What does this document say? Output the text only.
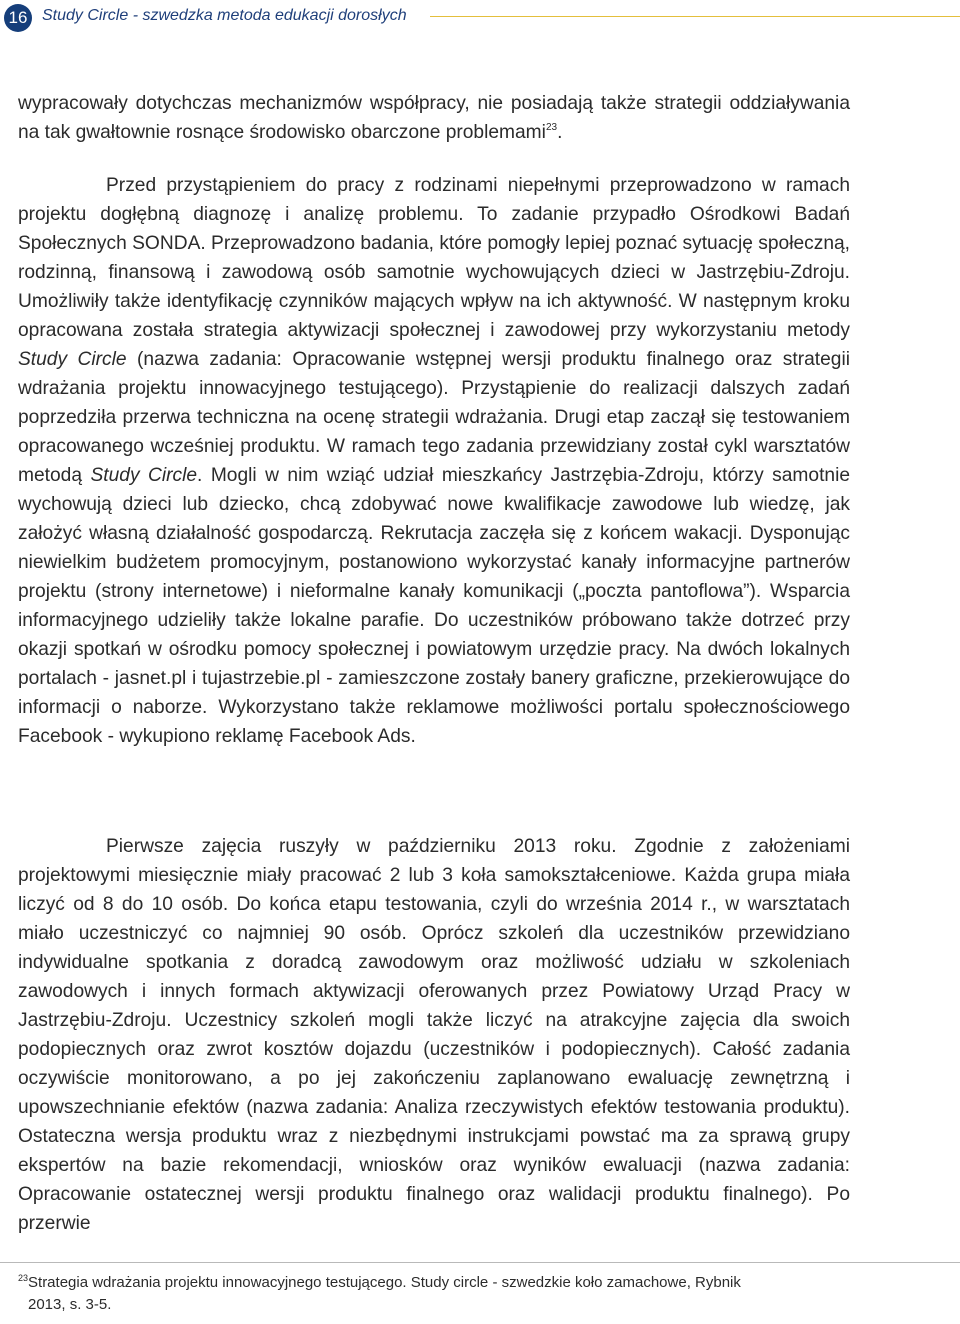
16 Study Circle - szwedzka metoda edukacji dorosłych

wypracowały dotychczas mechanizmów współpracy, nie posiadają także strategii oddziaływania na tak gwałtownie rosnące środowisko obarczone problemami$^{23}$.

Przed przystąpieniem do pracy z rodzinami niepełnymi przeprowadzono w ramach projektu dogłębną diagnozę i analizę problemu. To zadanie przypadło Ośrodkowi Badań Społecznych SONDA. Przeprowadzono badania, które pomogły lepiej poznać sytuację społeczną, rodzinną, finansową i zawodową osób samotnie wychowujących dzieci w Jastrzębiu-Zdroju. Umożliwiły także identyfikację czynników mających wpływ na ich aktywność. W następnym kroku opracowana została strategia aktywizacji społecznej i zawodowej przy wykorzystaniu metody Study Circle (nazwa zadania: Opracowanie wstępnej wersji produktu finalnego oraz strategii wdrażania projektu innowacyjnego testującego). Przystąpienie do realizacji dalszych zadań poprzedziła przerwa techniczna na ocenę strategii wdrażania. Drugi etap zaczął się testowaniem opracowanego wcześniej produktu. W ramach tego zadania przewidziany został cykl warsztatów metodą Study Circle. Mogli w nim wziąć udział mieszkańcy Jastrzębia-Zdroju, którzy samotnie wychowują dzieci lub dziecko, chcą zdobywać nowe kwalifikacje zawodowe lub wiedzę, jak założyć własną działalność gospodarczą. Rekrutacja zaczęła się z końcem wakacji. Dysponując niewielkim budżetem promocyjnym, postanowiono wykorzystać kanały informacyjne partnerów projektu (strony internetowe) i nieformalne kanały komunikacji („poczta pantoflowa”). Wsparcia informacyjnego udzieliły także lokalne parafie. Do uczestników próbowano także dotrzeć przy okazji spotkań w ośrodku pomocy społecznej i powiatowym urzędzie pracy. Na dwóch lokalnych portalach - jasnet.pl i tujastrzebie.pl - zamieszczone zostały banery graficzne, przekierowujące do informacji o naborze. Wykorzystano także reklamowe możliwości portalu społecznościowego Facebook - wykupiono reklamę Facebook Ads.

Pierwsze zajęcia ruszyły w październiku 2013 roku. Zgodnie z założeniami projektowymi miesięcznie miały pracować 2 lub 3 koła samokształceniowe. Każda grupa miała liczyć od 8 do 10 osób. Do końca etapu testowania, czyli do września 2014 r., w warsztatach miało uczestniczyć co najmniej 90 osób. Oprócz szkoleń dla uczestników przewidziano indywidualne spotkania z doradcą zawodowym oraz możliwość udziału w szkoleniach zawodowych i innych formach aktywizacji oferowanych przez Powiatowy Urząd Pracy w Jastrzębiu-Zdroju. Uczestnicy szkoleń mogli także liczyć na atrakcyjne zajęcia dla swoich podopiecznych oraz zwrot kosztów dojazdu (uczestników i podopiecznych). Całość zadania oczywiście monitorowano, a po jej zakończeniu zaplanowano ewaluację zewnętrzną i upowszechnianie efektów (nazwa zadania: Analiza rzeczywistych efektów testowania produktu). Ostateczna wersja produktu wraz z niezbędnymi instrukcjami powstać ma za sprawą grupy ekspertów na bazie rekomendacji, wniosków oraz wyników ewaluacji (nazwa zadania: Opracowanie ostatecznej wersji produktu finalnego oraz walidacji produktu finalnego). Po przerwie

$^{23}$Strategia wdrażania projektu innowacyjnego testującego. Study circle - szwedzkie koło zamachowe, Rybnik
2013, s. 3-5.
